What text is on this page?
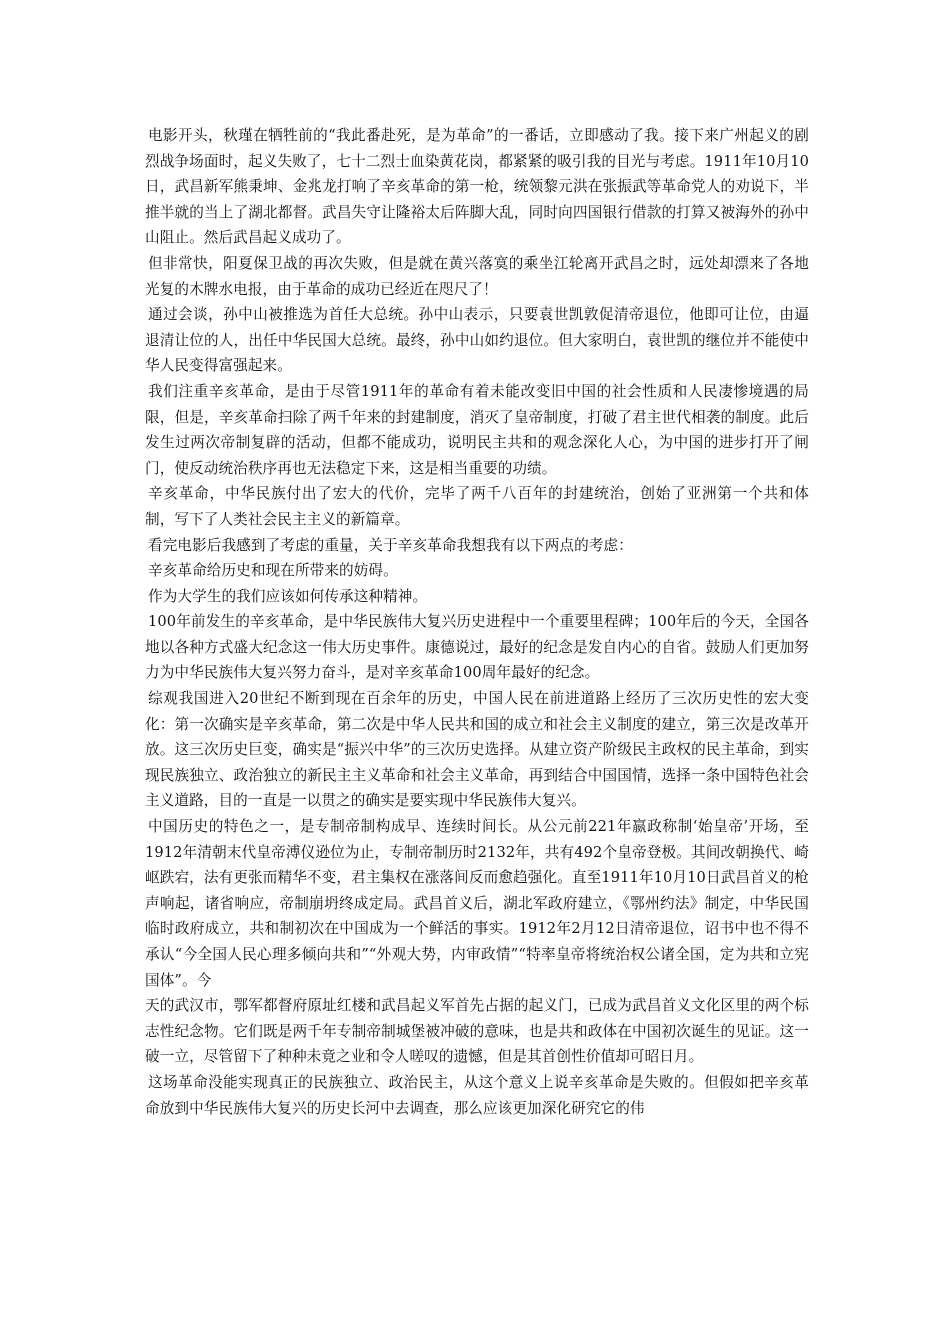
电影开头，秋瑾在牺牲前的“我此番赴死，是为革命”的一番话，立即感动了我。接下来广州起义的剧烈战争场面时，起义失败了，七十二烈士血染黄花岗，都紧紧的吸引我的目光与考虑。1911年10月10日，武昌新军熊秉坤、金兆龙打响了辛亥革命的第一枪，统领黎元洪在张振武等革命党人的劝说下，半推半就的当上了湖北都督。武昌失守让隆裕太后阵脚大乱，同时向四国银行借款的打算又被海外的孙中山阻止。然后武昌起义成功了。

但非常快，阳夏保卫战的再次失败，但是就在黄兴落寞的乘坐江轮离开武昌之时，远处却漂来了各地光复的木牌水电报，由于革命的成功已经近在咫尺了！

通过会谈，孙中山被推选为首任大总统。孙中山表示，只要袁世凯敦促清帝退位，他即可让位，由逼退清让位的人，出任中华民国大总统。最终，孙中山如约退位。但大家明白，袁世凯的继位并不能使中华人民变得富强起来。

我们注重辛亥革命，是由于尽管1911年的革命有着未能改变旧中国的社会性质和人民凄惨境遇的局限，但是，辛亥革命扫除了两千年来的封建制度，消灭了皇帝制度，打破了君主世代相袭的制度。此后发生过两次帝制复辟的活动，但都不能成功，说明民主共和的观念深化人心，为中国的进步打开了闸门，使反动统治秩序再也无法稳定下来，这是相当重要的功绩。

辛亥革命，中华民族付出了宏大的代价，完毕了两千八百年的封建统治，创始了亚洲第一个共和体制，写下了人类社会民主主义的新篇章。

看完电影后我感到了考虑的重量，关于辛亥革命我想我有以下两点的考虑：

辛亥革命给历史和现在所带来的妨碍。

作为大学生的我们应该如何传承这种精神。

100年前发生的辛亥革命，是中华民族伟大复兴历史进程中一个重要里程碑；100年后的今天，全国各地以各种方式盛大纪念这一伟大历史事件。康德说过，最好的纪念是发自内心的自省。鼓励人们更加努力为中华民族伟大复兴努力奋斗，是对辛亥革命100周年最好的纪念。

综观我国进入20世纪不断到现在百余年的历史，中国人民在前进道路上经历了三次历史性的宏大变化：第一次确实是辛亥革命，第二次是中华人民共和国的成立和社会主义制度的建立，第三次是改革开放。这三次历史巨变，确实是“振兴中华”的三次历史选择。从建立资产阶级民主政权的民主革命，到实现民族独立、政治独立的新民主主义革命和社会主义革命，再到结合中国国情，选择一条中国特色社会主义道路，目的一直是一以贯之的确实是要实现中华民族伟大复兴。

中国历史的特色之一，是专制帝制构成早、连续时间长。从公元前221年嬴政称制‘始皇帝’开场，至1912年清朝末代皇帝溥仪逊位为止，专制帝制历时2132年，共有492个皇帝登极。其间改朝换代、崎岖跌宕，法有更张而精华不变，君主集权在涨落间反而愈趋强化。直至1911年10月10日武昌首义的枪声响起，诸省响应，帝制崩坍终成定局。武昌首义后，湖北军政府建立，《鄂州约法》制定，中华民国临时政府成立，共和制初次在中国成为一个鲜活的事实。1912年2月12日清帝退位，诏书中也不得不承认“今全国人民心理多倾向共和”“外观大势，内审政情”“特率皇帝将统治权公诸全国，定为共和立宪国体”。今

天的武汉市，鄂军都督府原址红楼和武昌起义军首先占据的起义门，已成为武昌首义文化区里的两个标志性纪念物。它们既是两千年专制帝制城堡被冲破的意味，也是共和政体在中国初次诞生的见证。这一破一立，尽管留下了种种未竟之业和令人嗟叹的遗憾，但是其首创性价值却可昭日月。

这场革命没能实现真正的民族独立、政治民主，从这个意义上说辛亥革命是失败的。但假如把辛亥革命放到中华民族伟大复兴的历史长河中去调查，那么应该更加深化研究它的伟
